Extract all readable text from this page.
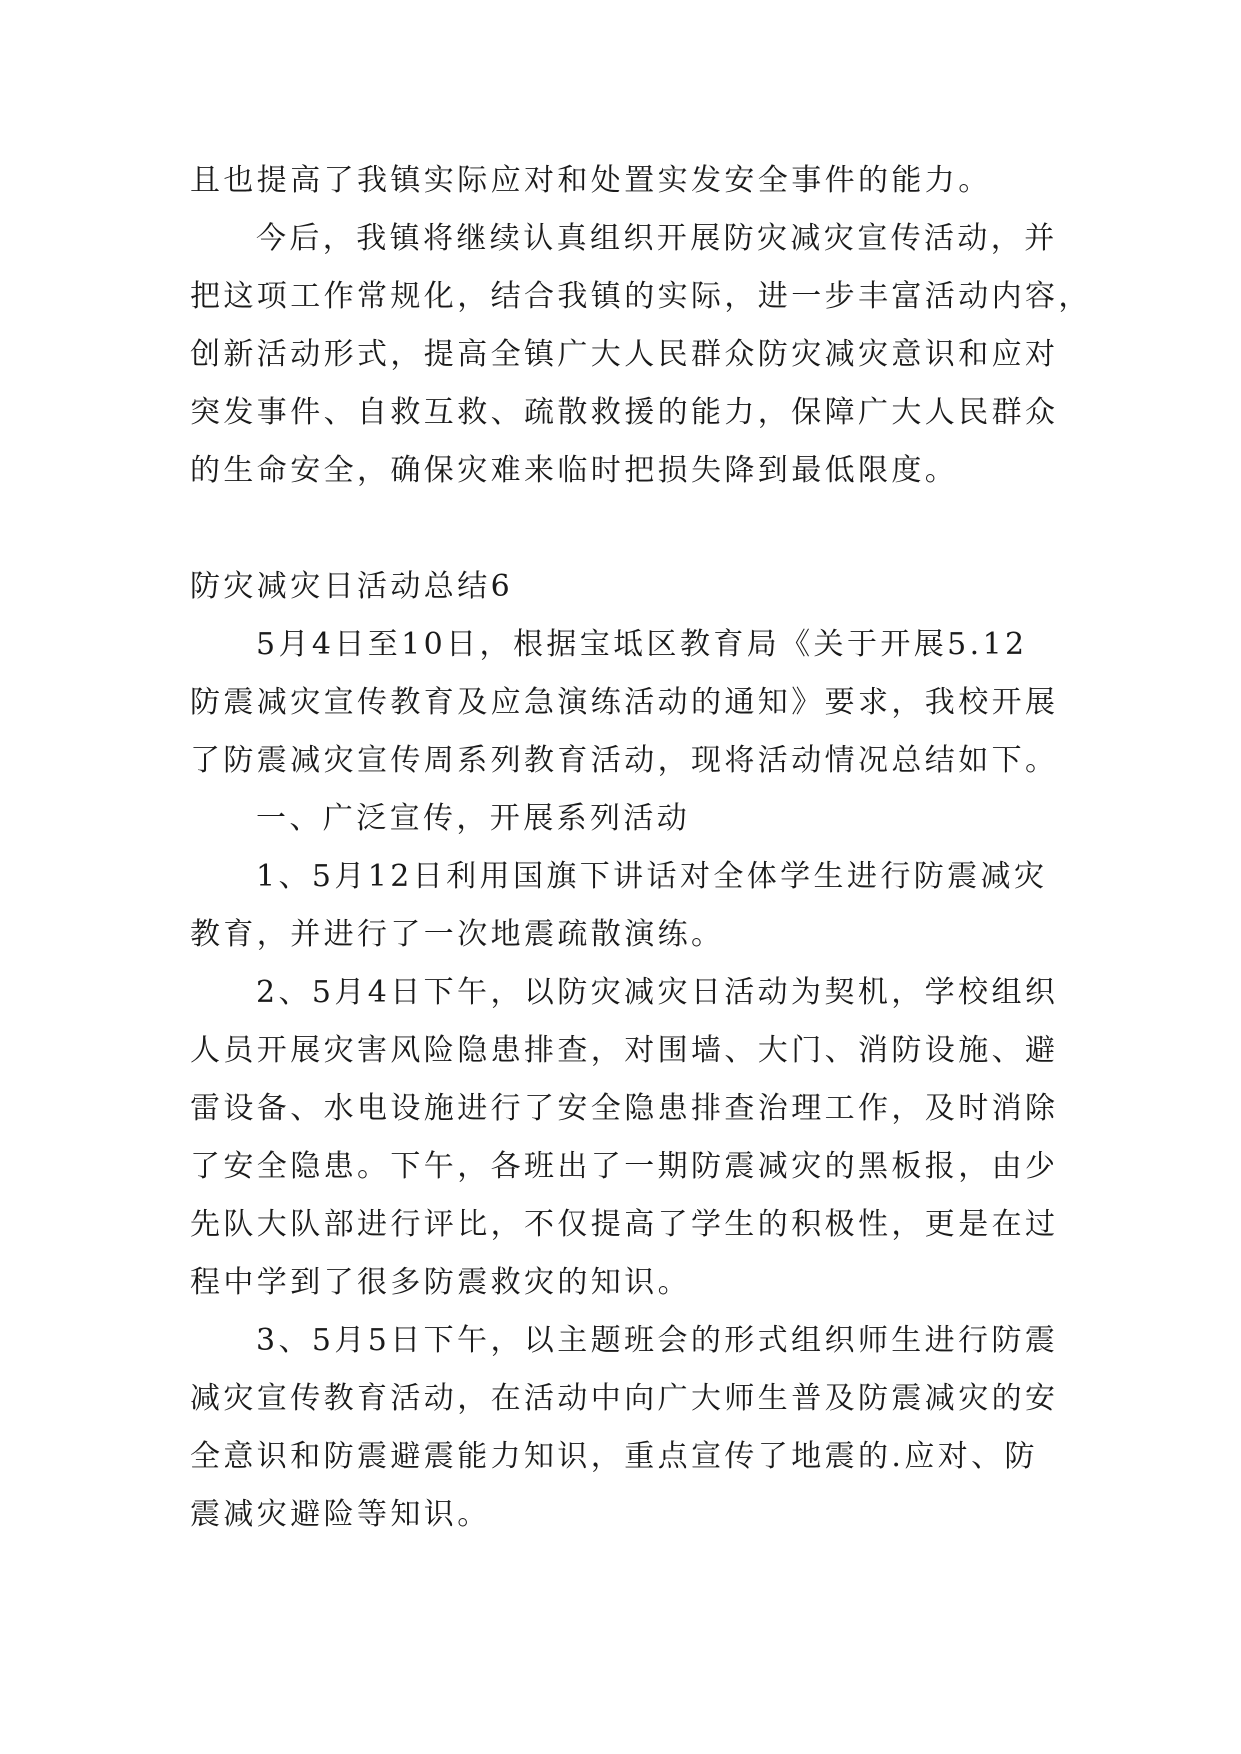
且也提高了我镇实际应对和处置实发安全事件的能力。
今后，我镇将继续认真组织开展防灾减灾宣传活动，并
把这项工作常规化，结合我镇的实际，进一步丰富活动内容，
创新活动形式，提高全镇广大人民群众防灾减灾意识和应对
突发事件、自救互救、疏散救援的能力，保障广大人民群众
的生命安全，确保灾难来临时把损失降到最低限度。
防灾减灾日活动总结6
5月4日至10日，根据宝坻区教育局《关于开展5.12
防震减灾宣传教育及应急演练活动的通知》要求，我校开展
了防震减灾宣传周系列教育活动，现将活动情况总结如下。
一、广泛宣传，开展系列活动
1、5月12日利用国旗下讲话对全体学生进行防震减灾
教育，并进行了一次地震疏散演练。
2、5月4日下午，以防灾减灾日活动为契机，学校组织
人员开展灾害风险隐患排查，对围墙、大门、消防设施、避
雷设备、水电设施进行了安全隐患排查治理工作，及时消除
了安全隐患。下午，各班出了一期防震减灾的黑板报，由少
先队大队部进行评比，不仅提高了学生的积极性，更是在过
程中学到了很多防震救灾的知识。
3、5月5日下午，以主题班会的形式组织师生进行防震
减灾宣传教育活动，在活动中向广大师生普及防震减灾的安
全意识和防震避震能力知识，重点宣传了地震的.应对、防
震减灾避险等知识。
